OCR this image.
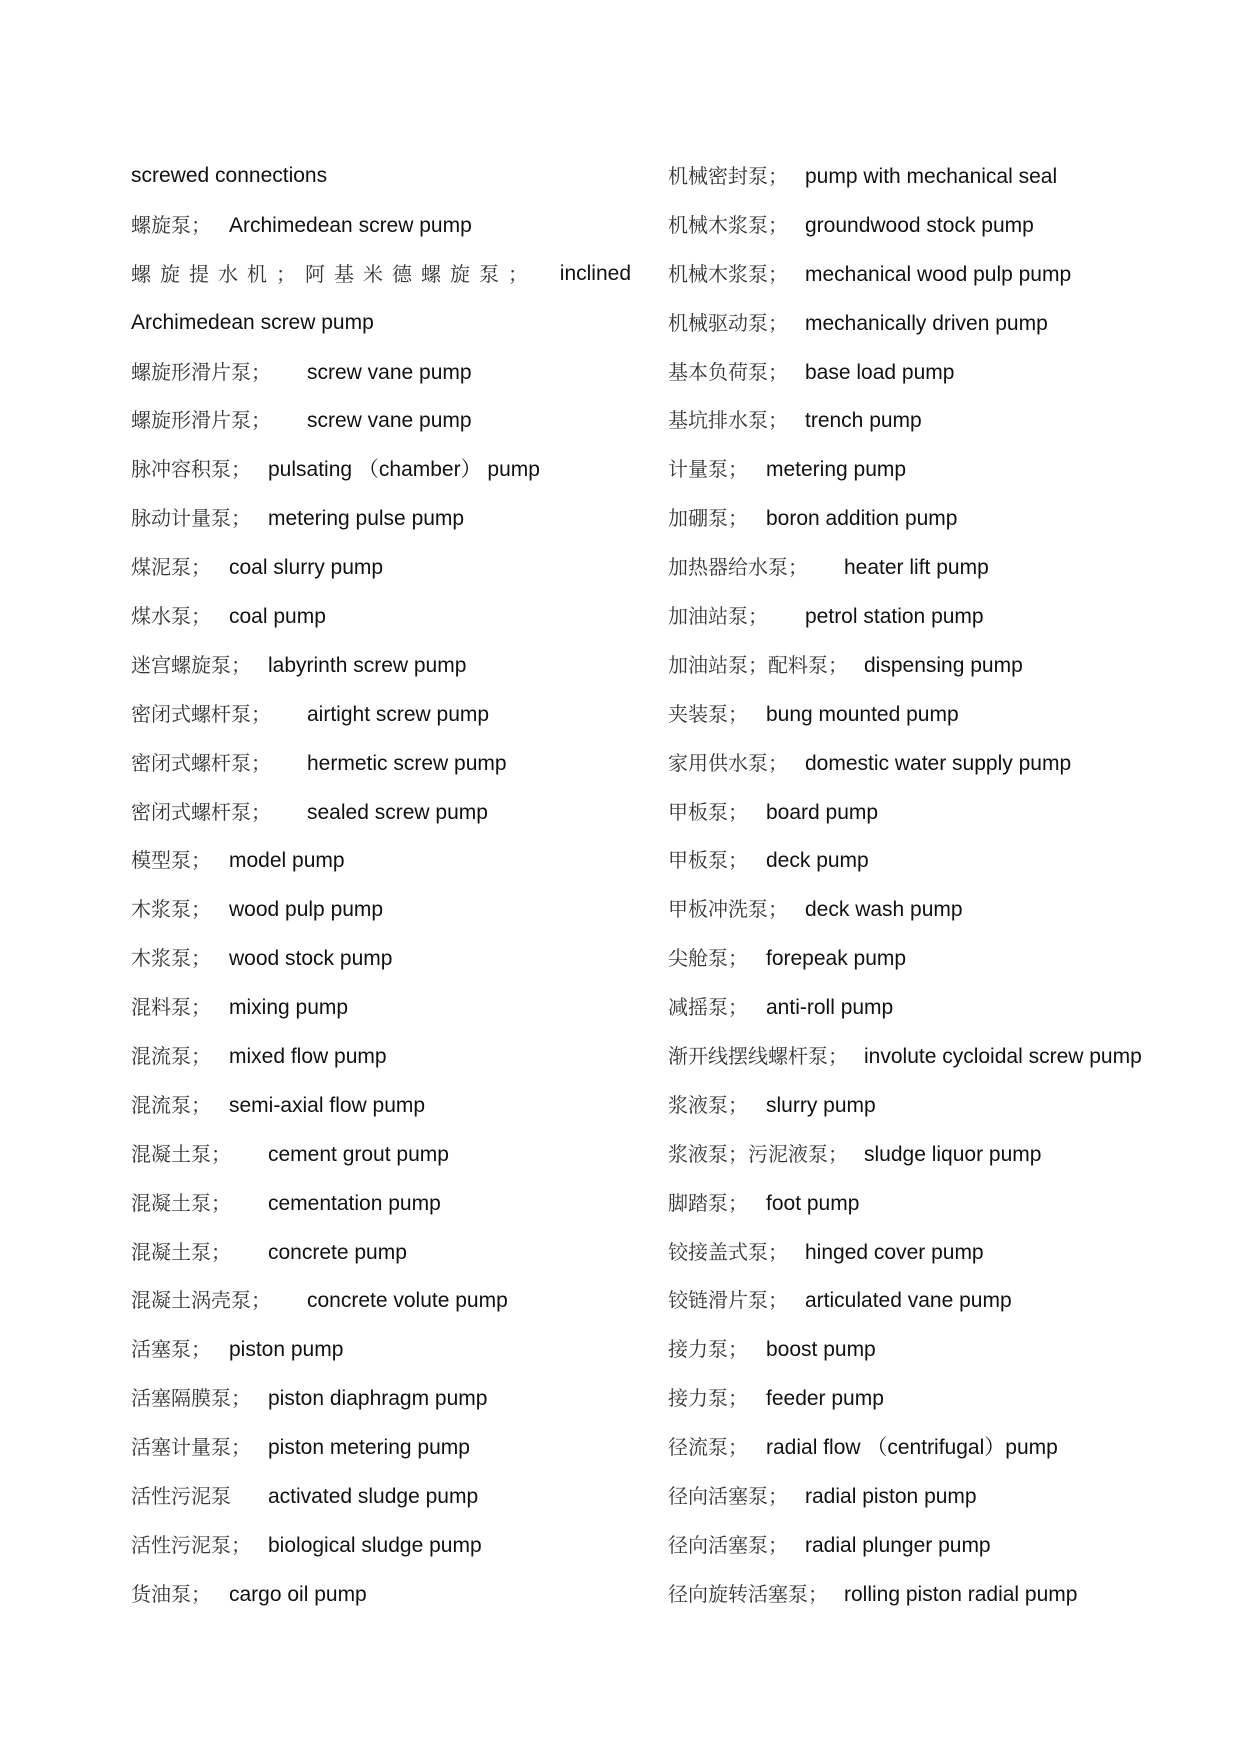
screwed connections
螺旋泵； Archimedean screw pump
螺旋提水机；阿基米德螺旋泵； inclined
Archimedean screw pump
螺旋形滑片泵； screw vane pump
螺旋形滑片泵； screw vane pump
脉冲容积泵； pulsating （chamber） pump
脉动计量泵； metering pulse pump
煤泥泵； coal slurry pump
煤水泵； coal pump
迷宫螺旋泵； labyrinth screw pump
密闭式螺杆泵； airtight screw pump
密闭式螺杆泵； hermetic screw pump
密闭式螺杆泵； sealed screw pump
模型泵； model pump
木浆泵； wood pulp pump
木浆泵； wood stock pump
混料泵； mixing pump
混流泵； mixed flow pump
混流泵； semi-axial flow pump
混凝土泵； cement grout pump
混凝土泵； cementation pump
混凝土泵； concrete pump
混凝土涡壳泵； concrete volute pump
活塞泵； piston pump
活塞隔膜泵； piston diaphragm pump
活塞计量泵； piston metering pump
活性污泥泵 activated sludge pump
活性污泥泵； biological sludge pump
货油泵； cargo oil pump
机械密封泵； pump with mechanical seal
机械木浆泵； groundwood stock pump
机械木浆泵； mechanical wood pulp pump
机械驱动泵； mechanically driven pump
基本负荷泵； base load pump
基坑排水泵； trench pump
计量泵； metering pump
加硼泵； boron addition pump
加热器给水泵； heater lift pump
加油站泵； petrol station pump
加油站泵；配料泵； dispensing pump
夹装泵； bung mounted pump
家用供水泵； domestic water supply pump
甲板泵； board pump
甲板泵； deck pump
甲板冲洗泵； deck wash pump
尖舱泵； forepeak pump
减摇泵； anti-roll pump
渐开线摆线螺杆泵； involute cycloidal screw pump
浆液泵； slurry pump
浆液泵；污泥液泵； sludge liquor pump
脚踏泵； foot pump
铰接盖式泵； hinged cover pump
铰链滑片泵； articulated vane pump
接力泵； boost pump
接力泵； feeder pump
径流泵； radial flow （centrifugal）pump
径向活塞泵； radial piston pump
径向活塞泵； radial plunger pump
径向旋转活塞泵； rolling piston radial pump
